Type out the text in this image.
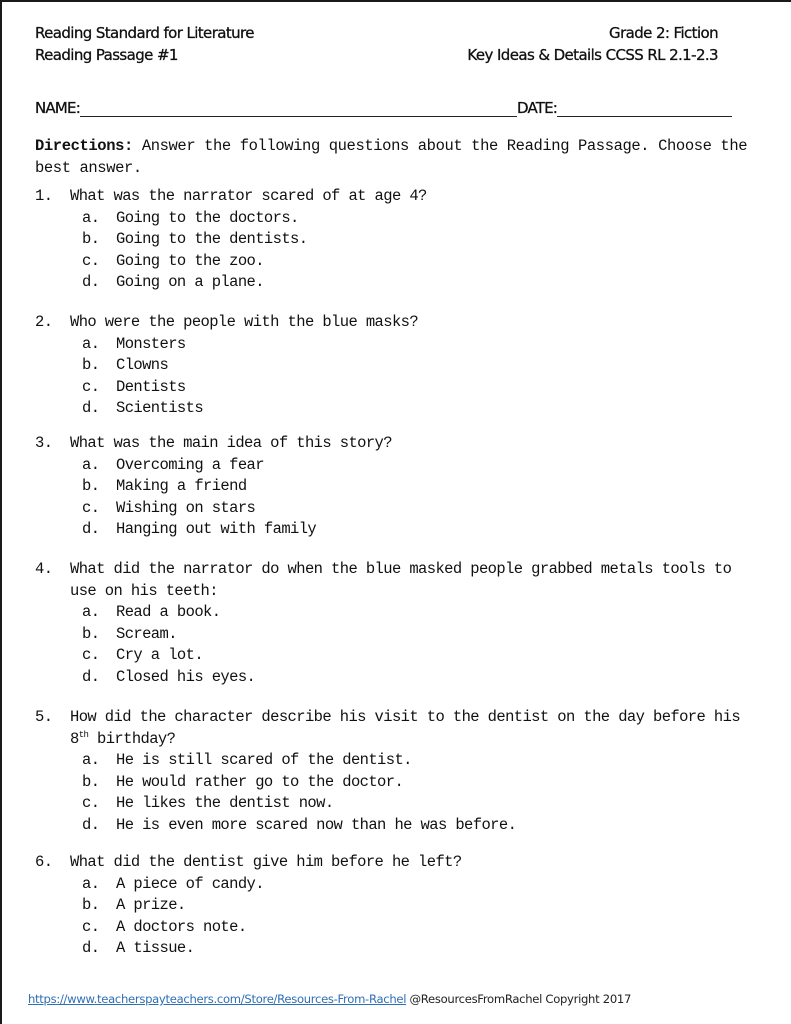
Reading Standard for Literature
Reading Passage #1
Grade 2: Fiction
Key Ideas & Details CCSS RL 2.1-2.3
NAME:	DATE:
Directions: Answer the following questions about the Reading Passage. Choose the best answer.
1.	What was the narrator scared of at age 4?
a.	Going to the doctors.
b.	Going to the dentists.
c.	Going to the zoo.
d.	Going on a plane.
2.	Who were the people with the blue masks?
a.	Monsters
b.	Clowns
c.	Dentists
d.	Scientists
3.	What was the main idea of this story?
a.	Overcoming a fear
b.	Making a friend
c.	Wishing on stars
d.	Hanging out with family
4.	What did the narrator do when the blue masked people grabbed metals tools to use on his teeth:
a.	Read a book.
b.	Scream.
c.	Cry a lot.
d.	Closed his eyes.
5.	How did the character describe his visit to the dentist on the day before his 8th birthday?
a.	He is still scared of the dentist.
b.	He would rather go to the doctor.
c.	He likes the dentist now.
d.	He is even more scared now than he was before.
6.	What did the dentist give him before he left?
a.	A piece of candy.
b.	A prize.
c.	A doctors note.
d.	A tissue.
https://www.teacherspayteachers.com/Store/Resources-From-Rachel @ResourcesFromRachel Copyright 2017
